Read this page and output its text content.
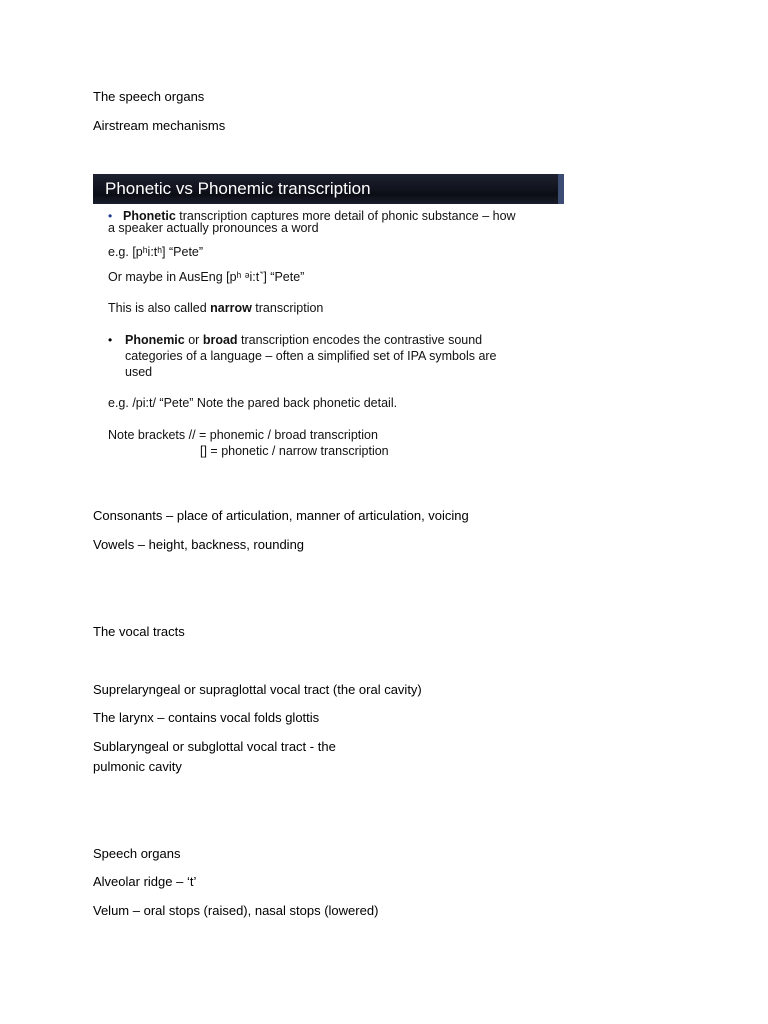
The speech organs
Airstream mechanisms
Phonetic vs Phonemic transcription
• Phonetic transcription captures more detail of phonic substance – how
a speaker actually pronounces a word
e.g. [pʰi:tʰ] “Pete”
Or maybe in AusEng [pʰ ᵊi:t˺] “Pete”
This is also called narrow transcription
• Phonemic or broad transcription encodes the contrastive sound
categories of a language – often a simplified set of IPA symbols are
used
e.g. /pi:t/ “Pete” Note the pared back phonetic detail.
Note brackets // = phonemic / broad transcription
[] = phonetic / narrow transcription
Consonants – place of articulation, manner of articulation, voicing
Vowels – height, backness, rounding
The vocal tracts
Suprelaryngeal or supraglottal vocal tract (the oral cavity)
The larynx – contains vocal folds glottis
Sublaryngeal or subglottal vocal tract - the
pulmonic cavity
Speech organs
Alveolar ridge – ‘t’
Velum – oral stops (raised), nasal stops (lowered)
